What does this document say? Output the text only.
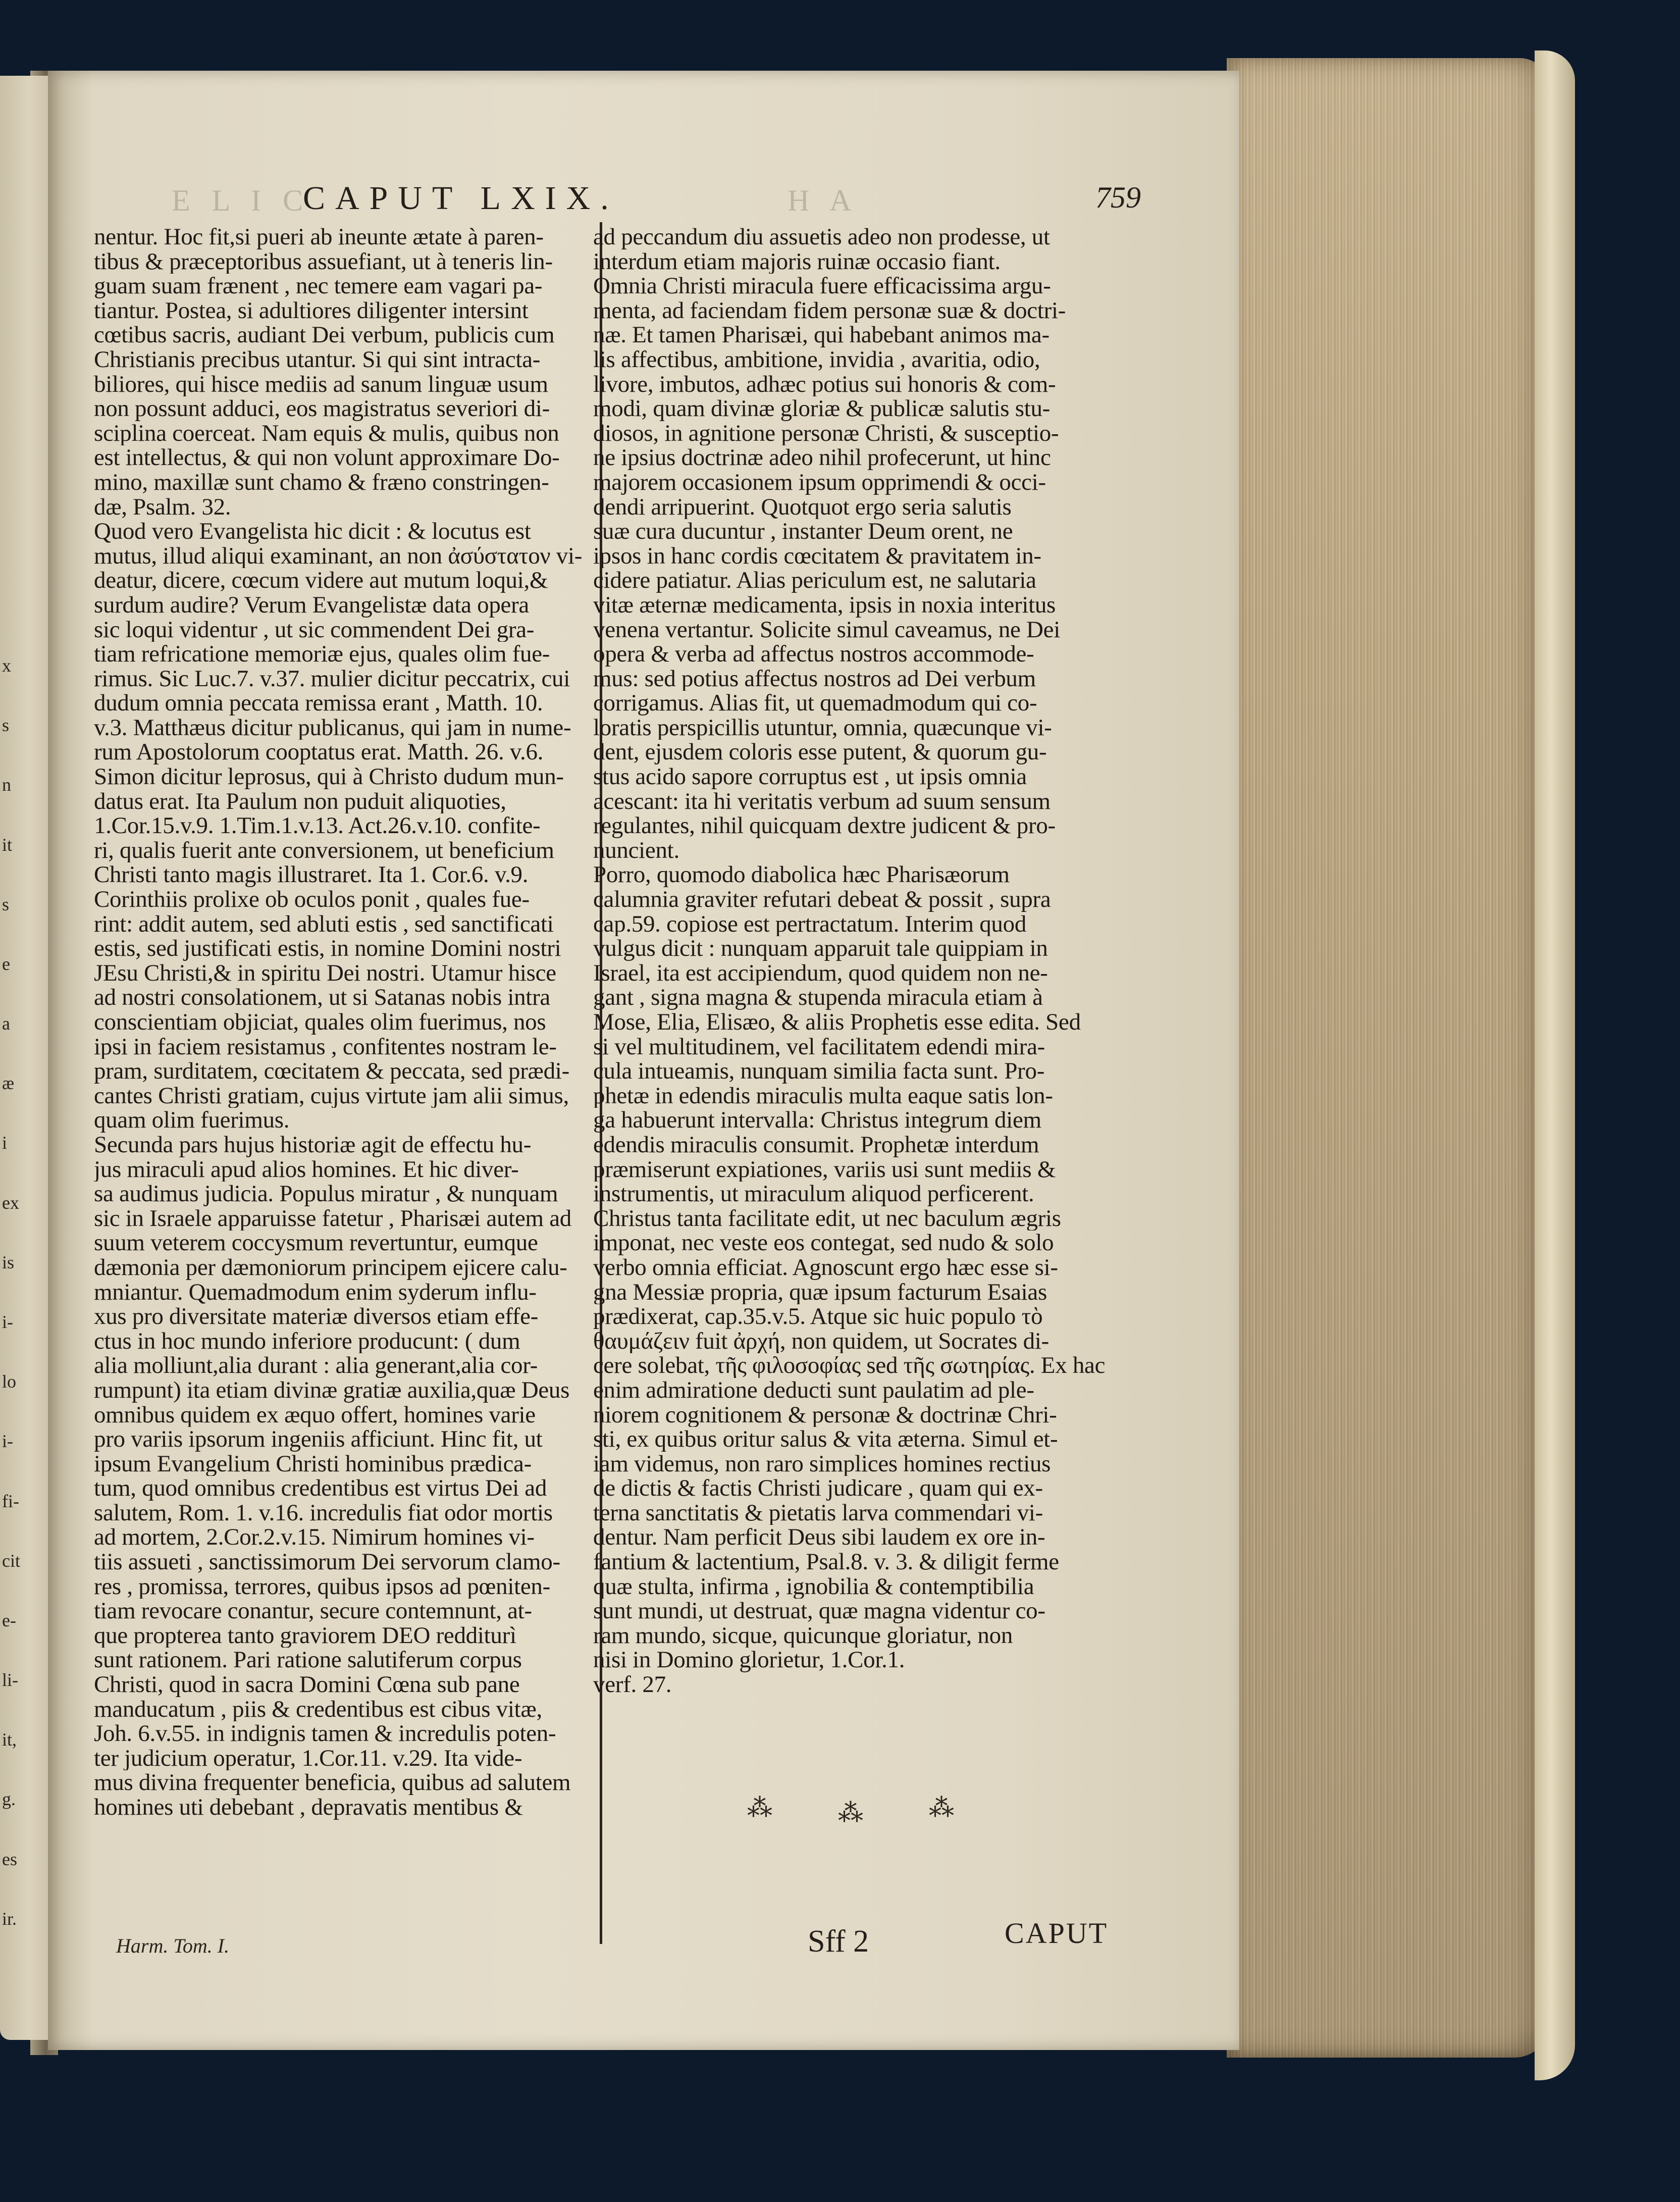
x
s
n
it
s
e
a
æ
i
ex
is
i-
lo
i-
fi-
cit
e-
li-
it,
g.
es
ir.
E L I C
CAPUT LXIX.	H A	759
nentur. Hoc fit,si pueri ab ineunte ætate à paren-
tibus & præceptoribus assuefiant, ut à teneris lin-
guam suam frænent , nec temere eam vagari pa-
tiantur. Postea, si adultiores diligenter intersint
cœtibus sacris, audiant Dei verbum, publicis cum
Christianis precibus utantur. Si qui sint intracta-
biliores, qui hisce mediis ad sanum linguæ usum
non possunt adduci, eos magistratus severiori di-
sciplina coerceat. Nam equis & mulis, quibus non
est intellectus, & qui non volunt approximare Do-
mino, maxillæ sunt chamo & fræno constringen-
dæ, Psalm. 32.
Quod vero Evangelista hic dicit : & locutus est
mutus, illud aliqui examinant, an non ἀσύστατον vi-
deatur, dicere, cœcum videre aut mutum loqui,&
surdum audire? Verum Evangelistæ data opera
sic loqui videntur , ut sic commendent Dei gra-
tiam refricatione memoriæ ejus, quales olim fue-
rimus. Sic Luc.7. v.37. mulier dicitur peccatrix, cui
dudum omnia peccata remissa erant , Matth. 10.
v.3. Matthæus dicitur publicanus, qui jam in nume-
rum Apostolorum cooptatus erat. Matth. 26. v.6.
Simon dicitur leprosus, qui à Christo dudum mun-
datus erat. Ita Paulum non puduit aliquoties,
1.Cor.15.v.9. 1.Tim.1.v.13. Act.26.v.10. confite-
ri, qualis fuerit ante conversionem, ut beneficium
Christi tanto magis illustraret. Ita 1. Cor.6. v.9.
Corinthiis prolixe ob oculos ponit , quales fue-
rint: addit autem, sed abluti estis , sed sanctificati
estis, sed justificati estis, in nomine Domini nostri
JEsu Christi,& in spiritu Dei nostri. Utamur hisce
ad nostri consolationem, ut si Satanas nobis intra
conscientiam objiciat, quales olim fuerimus, nos
ipsi in faciem resistamus , confitentes nostram le-
pram, surditatem, cœcitatem & peccata, sed prædi-
cantes Christi gratiam, cujus virtute jam alii simus,
quam olim fuerimus.
Secunda pars hujus historiæ agit de effectu hu-
jus miraculi apud alios homines. Et hic diver-
sa audimus judicia. Populus miratur , & nunquam
sic in Israele apparuisse fatetur , Pharisæi autem ad
suum veterem coccysmum revertuntur, eumque
dæmonia per dæmoniorum principem ejicere calu-
mniantur. Quemadmodum enim syderum influ-
xus pro diversitate materiæ diversos etiam effe-
ctus in hoc mundo inferiore producunt: ( dum
alia molliunt,alia durant : alia generant,alia cor-
rumpunt) ita etiam divinæ gratiæ auxilia,quæ Deus
omnibus quidem ex æquo offert, homines varie
pro variis ipsorum ingeniis afficiunt. Hinc fit, ut
ipsum Evangelium Christi hominibus prædica-
tum, quod omnibus credentibus est virtus Dei ad
salutem, Rom. 1. v.16. incredulis fiat odor mortis
ad mortem, 2.Cor.2.v.15. Nimirum homines vi-
tiis assueti , sanctissimorum Dei servorum clamo-
res , promissa, terrores, quibus ipsos ad pœniten-
tiam revocare conantur, secure contemnunt, at-
que propterea tanto graviorem DEO redditurì
sunt rationem. Pari ratione salutiferum corpus
Christi, quod in sacra Domini Cœna sub pane
manducatum , piis & credentibus est cibus vitæ,
Joh. 6.v.55. in indignis tamen & incredulis poten-
ter judicium operatur, 1.Cor.11. v.29. Ita vide-
mus divina frequenter beneficia, quibus ad salutem
homines uti debebant , depravatis mentibus &
ad peccandum diu assuetis adeo non prodesse, ut
interdum etiam majoris ruinæ occasio fiant.
Omnia Christi miracula fuere efficacissima argu-
menta, ad faciendam fidem personæ suæ & doctri-
næ. Et tamen Pharisæi, qui habebant animos ma-
lis affectibus, ambitione, invidia , avaritia, odio,
livore, imbutos, adhæc potius sui honoris & com-
modi, quam divinæ gloriæ & publicæ salutis stu-
diosos, in agnitione personæ Christi, & susceptio-
ne ipsius doctrinæ adeo nihil profecerunt, ut hinc
majorem occasionem ipsum opprimendi & occi-
dendi arripuerint. Quotquot ergo seria salutis
suæ cura ducuntur , instanter Deum orent, ne
ipsos in hanc cordis cœcitatem & pravitatem in-
cidere patiatur. Alias periculum est, ne salutaria
vitæ æternæ medicamenta, ipsis in noxia interitus
venena vertantur. Solicite simul caveamus, ne Dei
opera & verba ad affectus nostros accommode-
mus: sed potius affectus nostros ad Dei verbum
corrigamus. Alias fit, ut quemadmodum qui co-
loratis perspicillis utuntur, omnia, quæcunque vi-
dent, ejusdem coloris esse putent, & quorum gu-
stus acido sapore corruptus est , ut ipsis omnia
acescant: ita hi veritatis verbum ad suum sensum
regulantes, nihil quicquam dextre judicent & pro-
nuncient.
Porro, quomodo diabolica hæc Pharisæorum
calumnia graviter refutari debeat & possit , supra
cap.59. copiose est pertractatum. Interim quod
vulgus dicit : nunquam apparuit tale quippiam in
Israel, ita est accipiendum, quod quidem non ne-
gant , signa magna & stupenda miracula etiam à
Mose, Elia, Elisæo, & aliis Prophetis esse edita. Sed
si vel multitudinem, vel facilitatem edendi mira-
cula intueamis, nunquam similia facta sunt. Pro-
phetæ in edendis miraculis multa eaque satis lon-
ga habuerunt intervalla: Christus integrum diem
edendis miraculis consumit. Prophetæ interdum
præmiserunt expiationes, variis usi sunt mediis &
instrumentis, ut miraculum aliquod perficerent.
Christus tanta facilitate edit, ut nec baculum ægris
imponat, nec veste eos contegat, sed nudo & solo
verbo omnia efficiat. Agnoscunt ergo hæc esse si-
gna Messiæ propria, quæ ipsum facturum Esaias
prædixerat, cap.35.v.5. Atque sic huic populo τὸ
θαυμάζειν fuit ἀρχή, non quidem, ut Socrates di-
cere solebat, τῆς φιλοσοφίας sed τῆς σωτηρίας. Ex hac
enim admiratione deducti sunt paulatim ad ple-
niorem cognitionem & personæ & doctrinæ Chri-
sti, ex quibus oritur salus & vita æterna. Simul et-
iam videmus, non raro simplices homines rectius
de dictis & factis Christi judicare , quam qui ex-
terna sanctitatis & pietatis larva commendari vi-
dentur. Nam perficit Deus sibi laudem ex ore in-
fantium & lactentium, Psal.8. v. 3. & diligit ferme
quæ stulta, infirma , ignobilia & contemptibilia
sunt mundi, ut destruat, quæ magna videntur co-
ram mundo, sicque, quicunque gloriatur, non
nisi in Domino glorietur, 1.Cor.1.
verf. 27.
⁂	⁂	⁂
Harm. Tom. I.	Sff 2	CAPUT
